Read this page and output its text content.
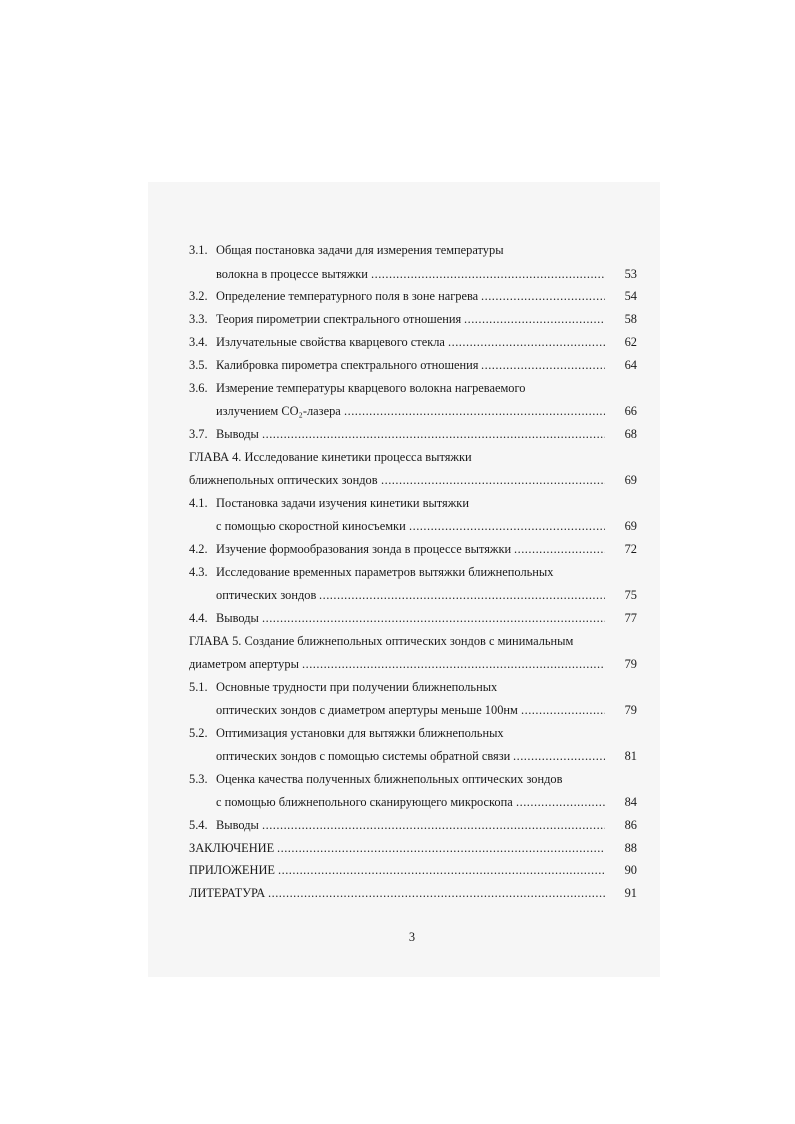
3.1. Общая постановка задачи для измерения температуры
волокна в процессе вытяжки .....	53
3.2. Определение температурного поля в зоне нагрева .....	54
3.3. Теория пирометрии спектрального отношения .....	58
3.4. Излучательные свойства кварцевого стекла .....	62
3.5. Калибровка пирометра спектрального отношения .....	64
3.6. Измерение температуры кварцевого волокна нагреваемого
излучением CO₂-лазера .....	66
3.7. Выводы .....	68
ГЛАВА 4. Исследование кинетики процесса вытяжки
ближнепольных оптических зондов .....	69
4.1. Постановка задачи изучения кинетики вытяжки
с помощью скоростной киносъемки .....	69
4.2. Изучение формообразования зонда в процессе вытяжки .....	72
4.3. Исследование временных параметров вытяжки ближнепольных
оптических зондов .....	75
4.4. Выводы .....	77
ГЛАВА 5. Создание ближнепольных оптических зондов с минимальным
диаметром апертуры .....	79
5.1. Основные трудности при получении ближнепольных
оптических зондов с диаметром апертуры меньше 100нм .....	79
5.2. Оптимизация установки для вытяжки ближнепольных
оптических зондов с помощью системы обратной связи .....	81
5.3. Оценка качества полученных ближнепольных оптических зондов
с помощью ближнепольного сканирующего микроскопа .....	84
5.4. Выводы .....	86
ЗАКЛЮЧЕНИЕ .....	88
ПРИЛОЖЕНИЕ .....	90
ЛИТЕРАТУРА .....	91
3
